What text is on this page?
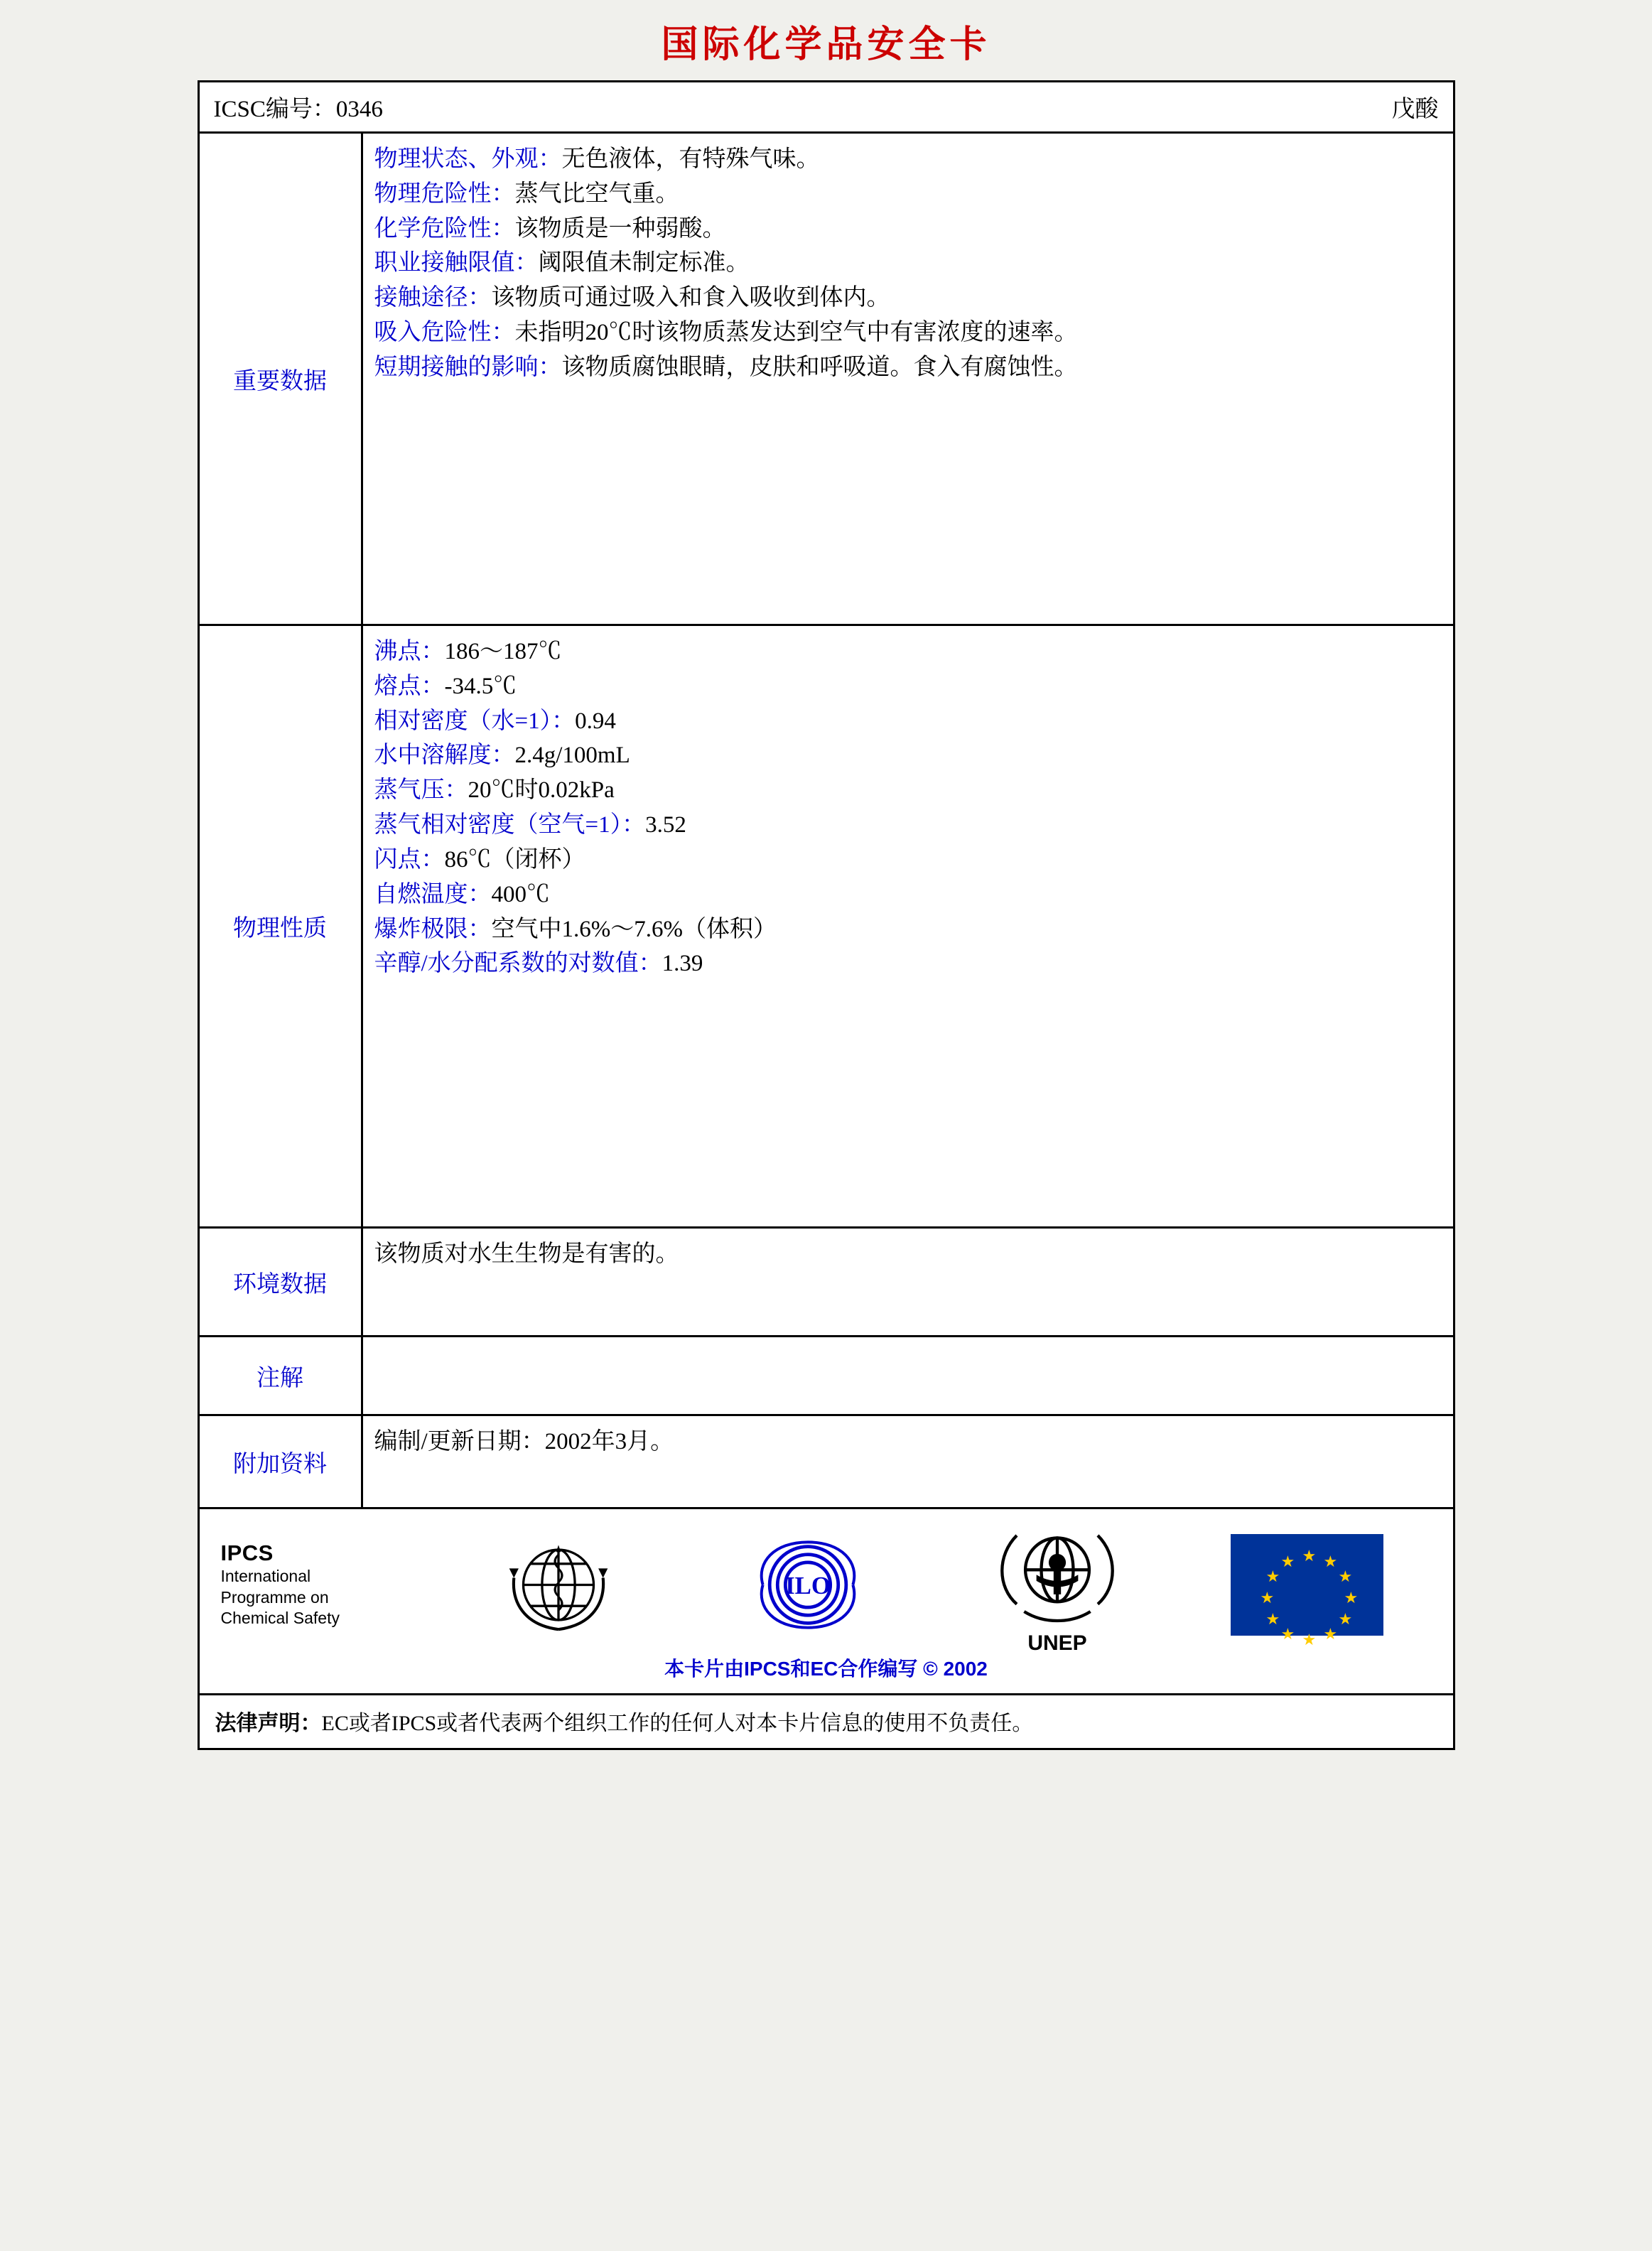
国际化学品安全卡
ICSC编号：0346	戊酸
重要数据
物理状态、外观：无色液体，有特殊气味。
物理危险性：蒸气比空气重。
化学危险性：该物质是一种弱酸。
职业接触限值：阈限值未制定标准。
接触途径：该物质可通过吸入和食入吸收到体内。
吸入危险性：未指明20℃时该物质蒸发达到空气中有害浓度的速率。
短期接触的影响：该物质腐蚀眼睛，皮肤和呼吸道。食入有腐蚀性。
物理性质
沸点：186～187℃
熔点：-34.5℃
相对密度（水=1）：0.94
水中溶解度：2.4g/100mL
蒸气压：20℃时0.02kPa
蒸气相对密度（空气=1）：3.52
闪点：86℃（闭杯）
自燃温度：400℃
爆炸极限：空气中1.6%～7.6%（体积）
辛醇/水分配系数的对数值：1.39
环境数据
该物质对水生生物是有害的。
注解
附加资料
编制/更新日期：2002年3月。
IPCS
International
Programme on
Chemical Safety
ILO
UNEP
★ ★
★
★
★
★
★
★
★
★
★
★
本卡片由IPCS和EC合作编写 © 2002
法律声明：EC或者IPCS或者代表两个组织工作的任何人对本卡片信息的使用不负责任。
